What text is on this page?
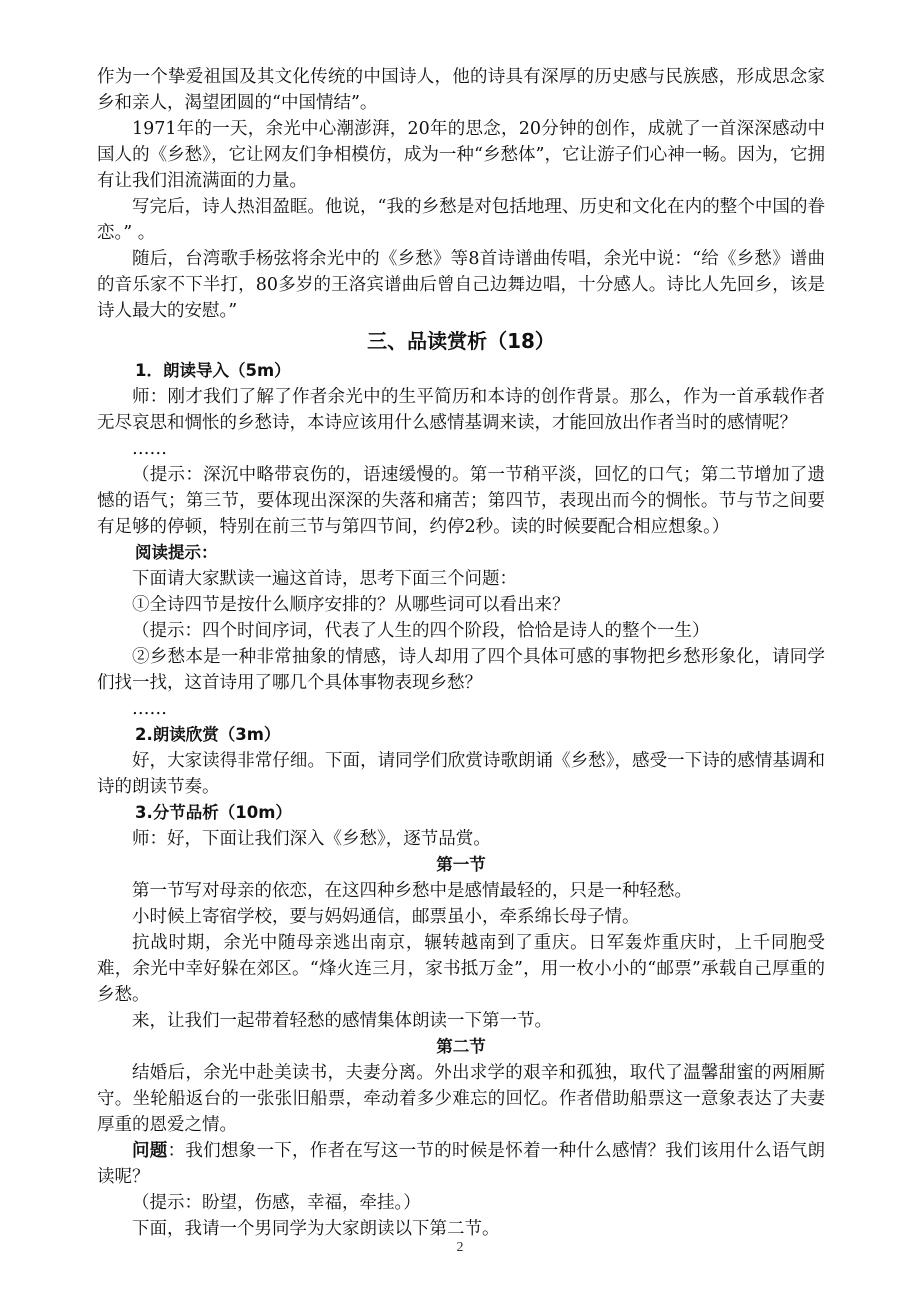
作为一个挚爱祖国及其文化传统的中国诗人，他的诗具有深厚的历史感与民族感，形成思念家乡和亲人，渴望团圆的“中国情结”。

1971年的一天，余光中心潮澎湃，20年的思念，20分钟的创作，成就了一首深深感动中国人的《乡愁》，它让网友们争相模仿，成为一种“乡愁体”，它让游子们心神一畅。因为，它拥有让我们泪流满面的力量。

写完后，诗人热泪盈眶。他说，“我的乡愁是对包括地理、历史和文化在内的整个中国的眷恋。” 。

随后，台湾歌手杨弦将余光中的《乡愁》等8首诗谱曲传唱，余光中说：“给《乡愁》谱曲的音乐家不下半打，80多岁的王洛宾谱曲后曾自己边舞边唱，十分感人。诗比人先回乡，该是诗人最大的安慰。”

三、品读赏析（18）
1．朗读导入（5m）

师：刚才我们了解了作者余光中的生平简历和本诗的创作背景。那么，作为一首承载作者无尽哀思和惆怅的乡愁诗，本诗应该用什么感情基调来读，才能回放出作者当时的感情呢？

……

（提示：深沉中略带哀伤的，语速缓慢的。第一节稍平淡，回忆的口气；第二节增加了遗憾的语气；第三节，要体现出深深的失落和痛苦；第四节，表现出而今的惆怅。节与节之间要有足够的停顿，特别在前三节与第四节间，约停2秒。读的时候要配合相应想象。）

阅读提示：

下面请大家默读一遍这首诗，思考下面三个问题：

①全诗四节是按什么顺序安排的？从哪些词可以看出来？

（提示：四个时间序词，代表了人生的四个阶段，恰恰是诗人的整个一生）

②乡愁本是一种非常抽象的情感，诗人却用了四个具体可感的事物把乡愁形象化，请同学们找一找，这首诗用了哪几个具体事物表现乡愁？

……

2.朗读欣赏（3m）

好，大家读得非常仔细。下面，请同学们欣赏诗歌朗诵《乡愁》，感受一下诗的感情基调和诗的朗读节奏。

3.分节品析（10m）

师：好，下面让我们深入《乡愁》，逐节品赏。

第一节

第一节写对母亲的依恋，在这四种乡愁中是感情最轻的，只是一种轻愁。

小时候上寄宿学校，要与妈妈通信，邮票虽小，牵系绵长母子情。

抗战时期，余光中随母亲逃出南京，辗转越南到了重庆。日军轰炸重庆时，上千同胞受难，余光中幸好躲在郊区。“烽火连三月，家书抵万金”，用一枚小小的“邮票”承载自己厚重的乡愁。

来，让我们一起带着轻愁的感情集体朗读一下第一节。

第二节

结婚后，余光中赴美读书，夫妻分离。外出求学的艰辛和孤独，取代了温馨甜蜜的两厢厮守。坐轮船返台的一张张旧船票，牵动着多少难忘的回忆。作者借助船票这一意象表达了夫妻厚重的恩爱之情。

问题：我们想象一下，作者在写这一节的时候是怀着一种什么感情？我们该用什么语气朗读呢？

（提示：盼望，伤感，幸福，牵挂。）

下面，我请一个男同学为大家朗读以下第二节。

2
